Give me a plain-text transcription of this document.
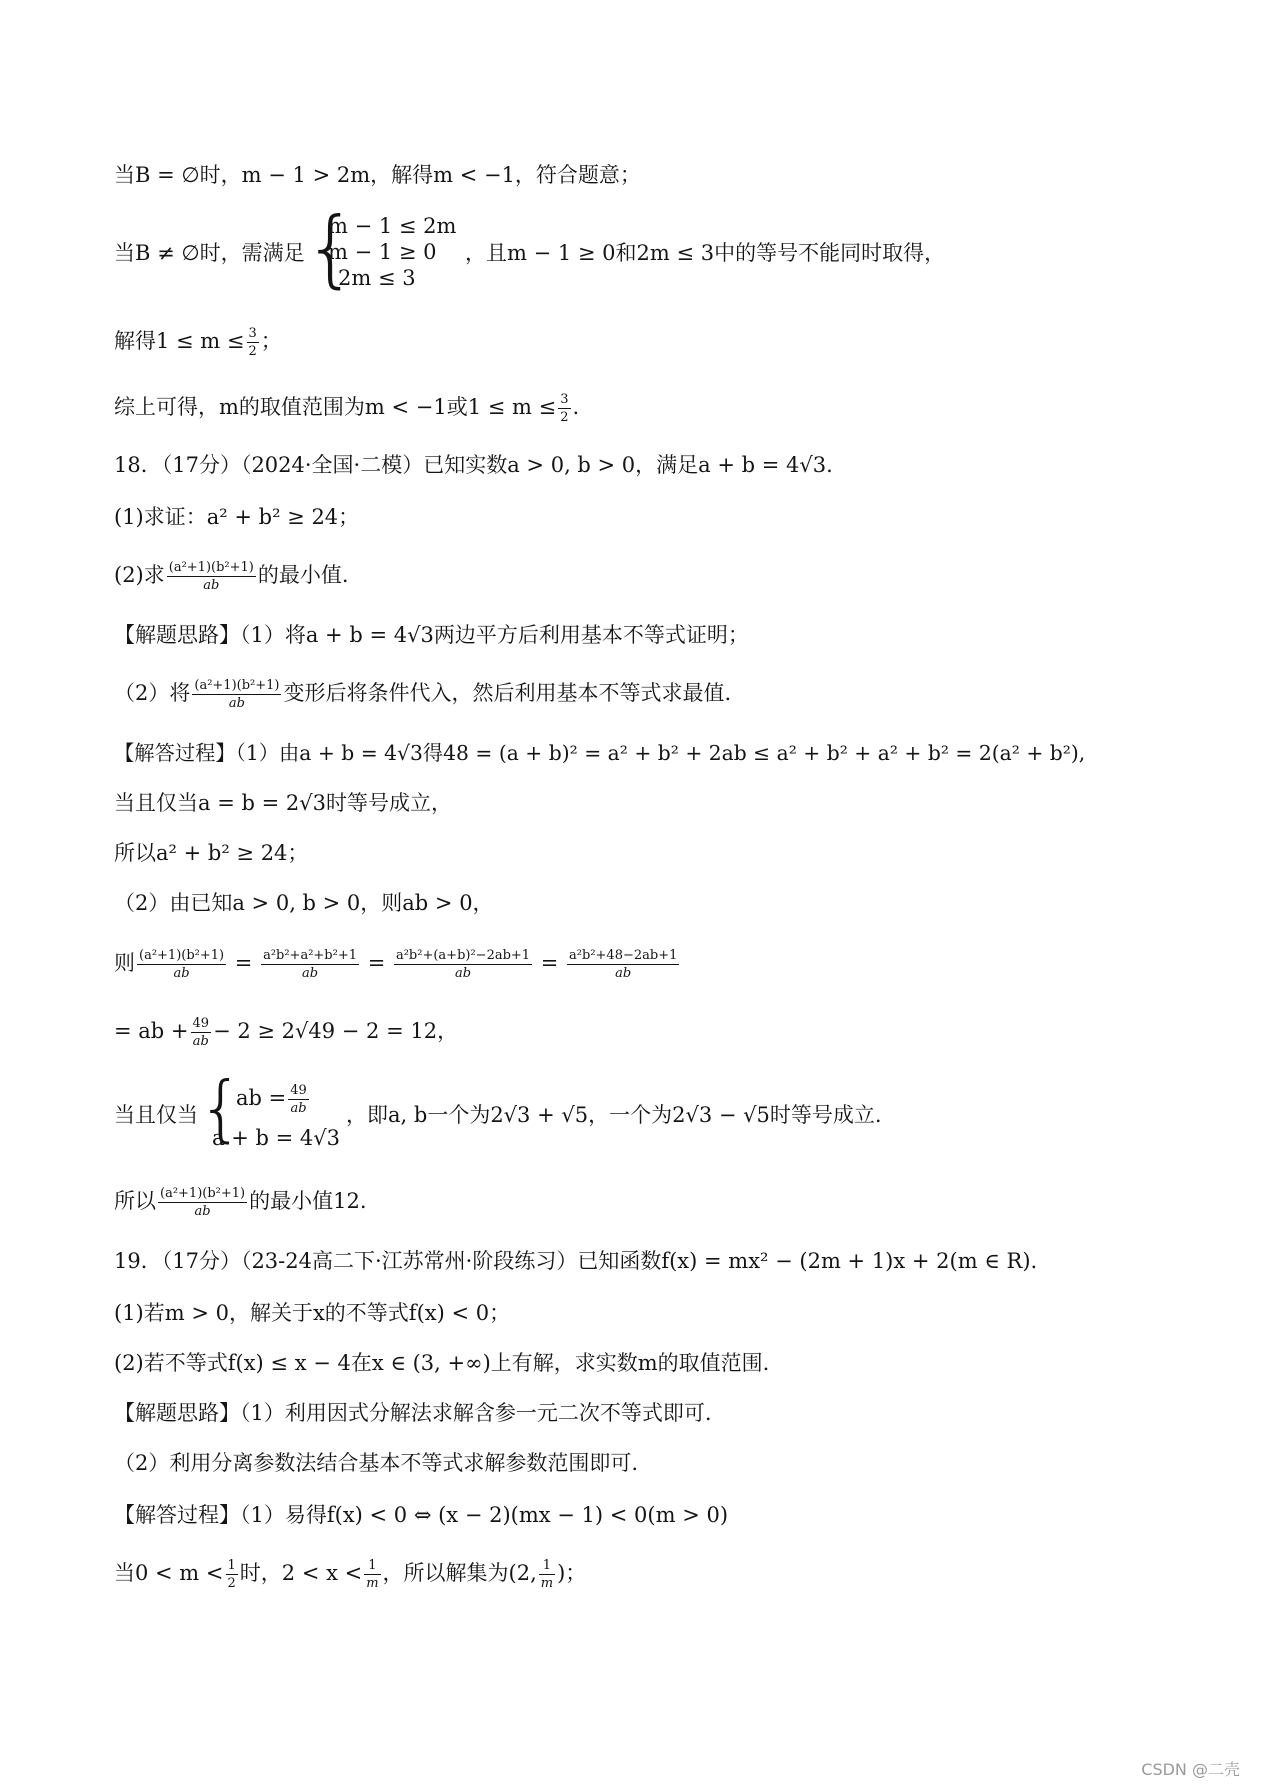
当B = ∅时，m − 1 > 2m，解得m < −1，符合题意；
当B ≠ ∅时，需满足 {
m − 1 ≤ 2m
m − 1 ≥ 0
2m ≤ 3
，且m − 1 ≥ 0和2m ≤ 3中的等号不能同时取得，
解得$1 \le m \le \frac{3}{2}$ ；
综上可得，m的取值范围为m < −1或$1 \le m \le \frac{3}{2}$ .
18．（17分）（2024·全国·二模）已知实数a > 0, b > 0，满足a + b = 4√3.
(1)求证：a² + b² ≥ 24；
(2)求 $\frac{\text{(a²+1)(b²+1)}}{ab}$ 的最小值.
【解题思路】（1）将a + b = 4√3两边平方后利用基本不等式证明；
（2）将 $\frac{\text{(a²+1)(b²+1)}}{ab}$ 变形后将条件代入，然后利用基本不等式求最值.
【解答过程】（1）由a + b = 4√3得48 = (a + b)² = a² + b² + 2ab ≤ a² + b² + a² + b² = 2(a² + b²),
当且仅当a = b = 2√3时等号成立，
所以a² + b² ≥ 24；
（2）由已知a > 0, b > 0，则ab > 0，
则 $\frac{\text{(a²+1)(b²+1)}}{ab} = \frac{\text{a²b²+a²+b²+1}}{ab} = \frac{\text{a²b²+(a+b)²−2ab+1}}{ab} = \frac{\text{a²b²+48−2ab+1}}{ab}$
= ab + $\frac{49}{ab} - 2 \ge 2√49 - 2 = 12$，
当且仅当 {
ab = $\frac{49}{ab}$
a + b = 4√3
，即a, b一个为2√3 + √5，一个为2√3 − √5时等号成立.
所以 $\frac{\text{(a²+1)(b²+1)}}{ab}$ 的最小值12.
19．（17分）（23-24高二下·江苏常州·阶段练习）已知函数f(x) = mx² − (2m + 1)x + 2(m ∈ R).
(1)若m > 0，解关于x的不等式f(x) < 0；
(2)若不等式f(x) ≤ x − 4在x ∈ (3, +∞)上有解，求实数m的取值范围.
【解题思路】（1）利用因式分解法求解含参一元二次不等式即可.
（2）利用分离参数法结合基本不等式求解参数范围即可.
【解答过程】（1）易得f(x) < 0 ⇔ (x − 2)(mx − 1) < 0(m > 0)
当$0 < m < \frac{1}{2}$ 时，$2 < x < \frac{1}{m}$ ，所以解集为(2, $\frac{1}{m}$ )；
CSDN @二壳
